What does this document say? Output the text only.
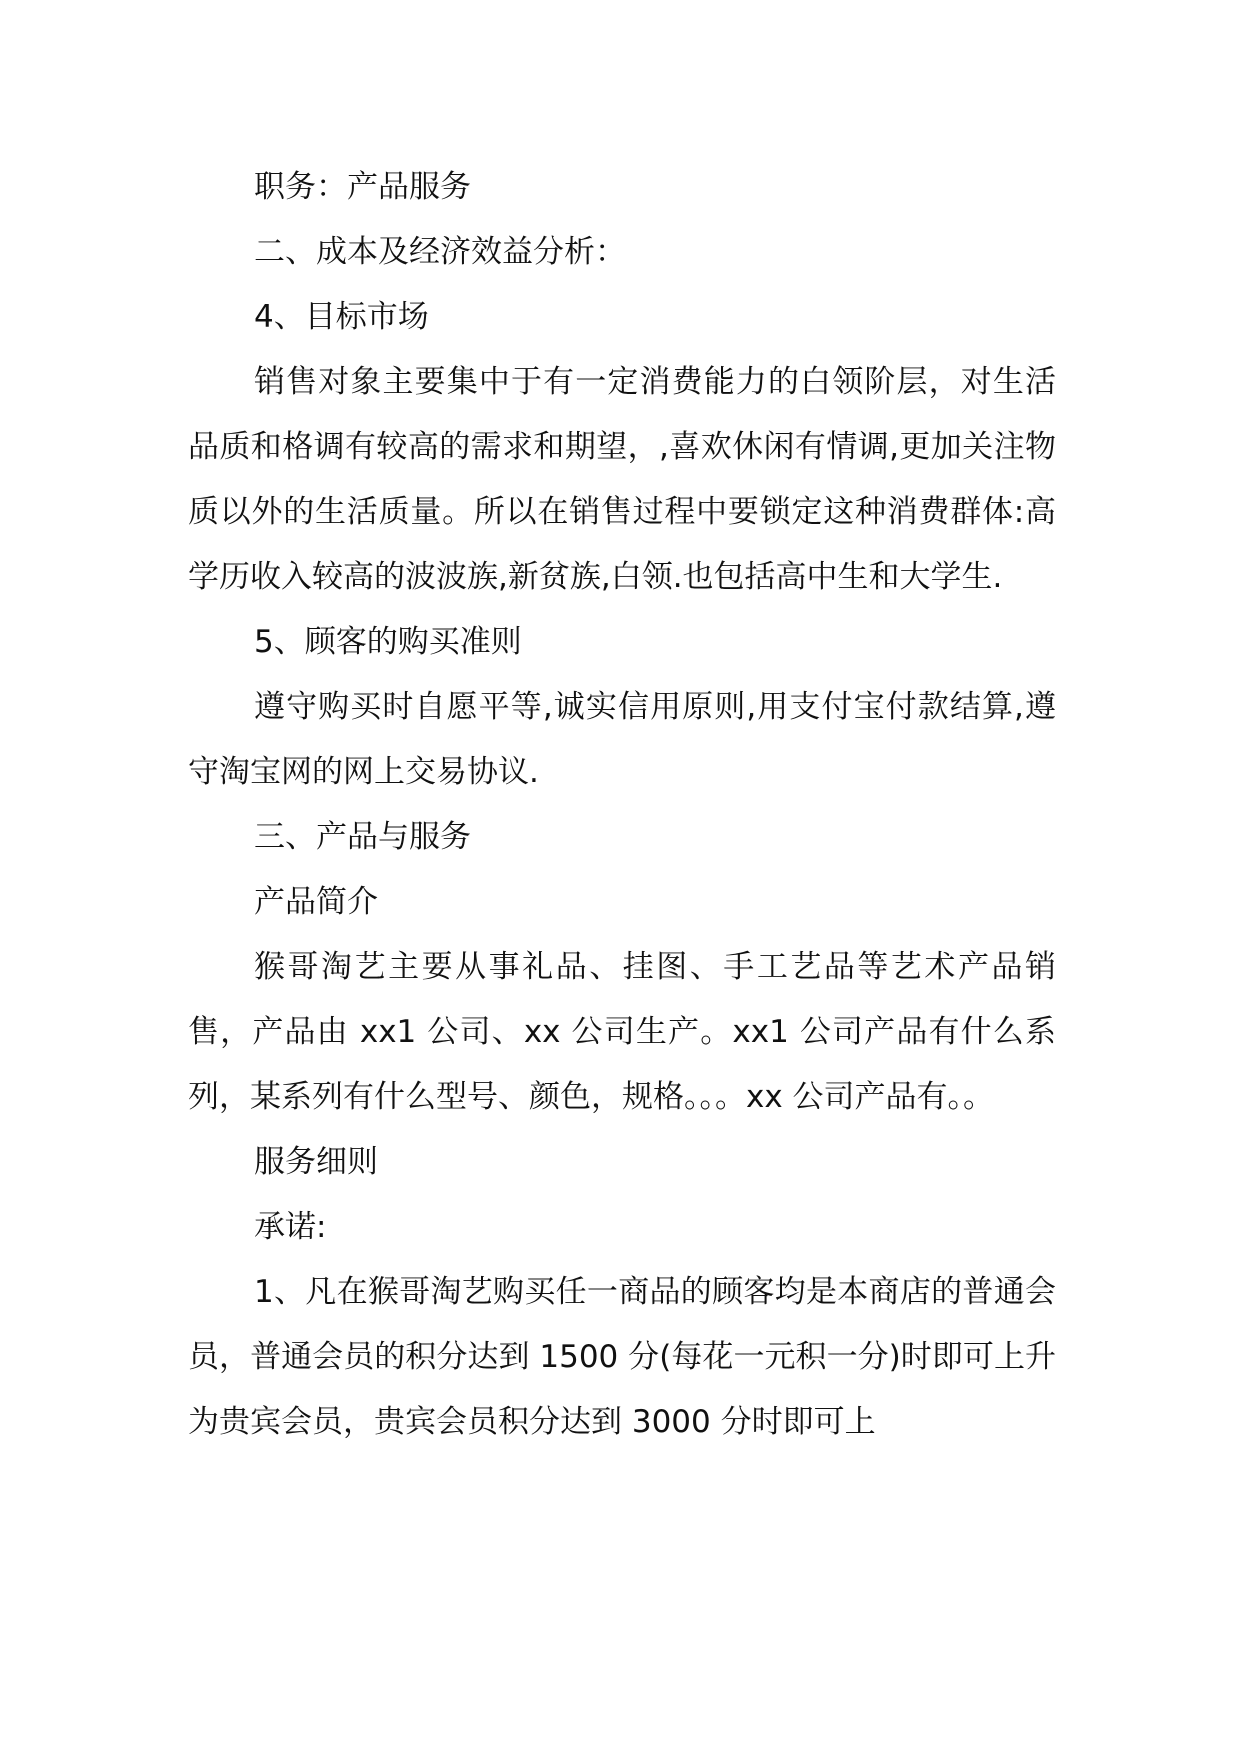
职务：产品服务

二、成本及经济效益分析：

4、目标市场

销售对象主要集中于有一定消费能力的白领阶层，对生活品质和格调有较高的需求和期望，,喜欢休闲有情调,更加关注物质以外的生活质量。所以在销售过程中要锁定这种消费群体:高学历收入较高的波波族,新贫族,白领.也包括高中生和大学生.

5、顾客的购买准则

遵守购买时自愿平等,诚实信用原则,用支付宝付款结算,遵守淘宝网的网上交易协议.

三、产品与服务

产品简介

猴哥淘艺主要从事礼品、挂图、手工艺品等艺术产品销售，产品由 xx1 公司、xx 公司生产。xx1 公司产品有什么系列，某系列有什么型号、颜色，规格。。。xx 公司产品有。。

服务细则

承诺:

1、凡在猴哥淘艺购买任一商品的顾客均是本商店的普通会员，普通会员的积分达到 1500 分(每花一元积一分)时即可上升为贵宾会员，贵宾会员积分达到 3000 分时即可上
